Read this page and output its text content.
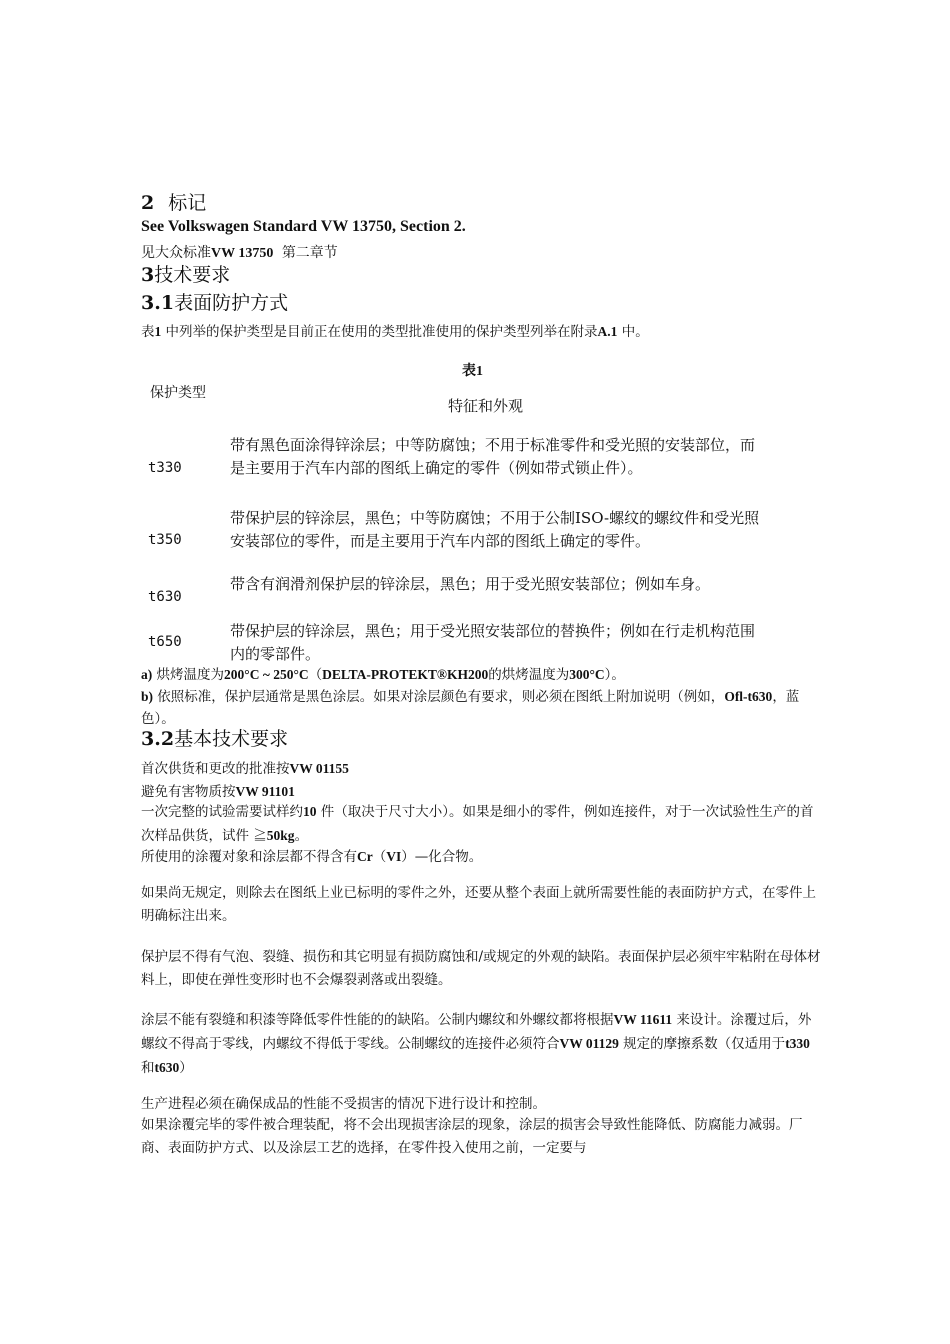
2 标记
See Volkswagen Standard VW 13750, Section 2.
见大众标准VW 13750 第二章节
3技术要求
3.1表面防护方式
表1 中列举的保护类型是目前正在使用的类型批准使用的保护类型列举在附录A.1 中。
表1
保护类型
特征和外观
t330
带有黑色面涂得锌涂层；中等防腐蚀；不用于标准零件和受光照的安装部位，而是主要用于汽车内部的图纸上确定的零件（例如带式锁止件）。
t350
带保护层的锌涂层，黑色；中等防腐蚀；不用于公制ISO-螺纹的螺纹件和受光照安装部位的零件，而是主要用于汽车内部的图纸上确定的零件。
t630
带含有润滑剂保护层的锌涂层，黑色；用于受光照安装部位；例如车身。
t650
带保护层的锌涂层，黑色；用于受光照安装部位的替换件；例如在行走机构范围内的零部件。
a) 烘烤温度为200°C ~ 250°C（DELTA-PROTEKT®KH200的烘烤温度为300°C）。
b) 依照标准，保护层通常是黑色涂层。如果对涂层颜色有要求，则必须在图纸上附加说明（例如，Ofl-t630，蓝色）。
3.2基本技术要求
首次供货和更改的批准按VW 01155
避免有害物质按VW 91101
一次完整的试验需要试样约10 件（取决于尺寸大小）。如果是细小的零件，例如连接件，对于一次试验性生产的首次样品供货，试件 ≧50kg。
所使用的涂覆对象和涂层都不得含有Cr（VI）—化合物。
如果尚无规定，则除去在图纸上业已标明的零件之外，还要从整个表面上就所需要性能的表面防护方式，在零件上明确标注出来。
保护层不得有气泡、裂缝、损伤和其它明显有损防腐蚀和/或规定的外观的缺陷。表面保护层必须牢牢粘附在母体材料上，即使在弹性变形时也不会爆裂剥落或出裂缝。
涂层不能有裂缝和积漆等降低零件性能的的缺陷。公制内螺纹和外螺纹都将根据VW 11611 来设计。涂覆过后，外螺纹不得高于零线，内螺纹不得低于零线。公制螺纹的连接件必须符合VW 01129 规定的摩擦系数（仅适用于t330 和t630）
生产进程必须在确保成品的性能不受损害的情况下进行设计和控制。
如果涂覆完毕的零件被合理装配，将不会出现损害涂层的现象，涂层的损害会导致性能降低、防腐能力减弱。厂商、表面防护方式、以及涂层工艺的选择，在零件投入使用之前，一定要与
